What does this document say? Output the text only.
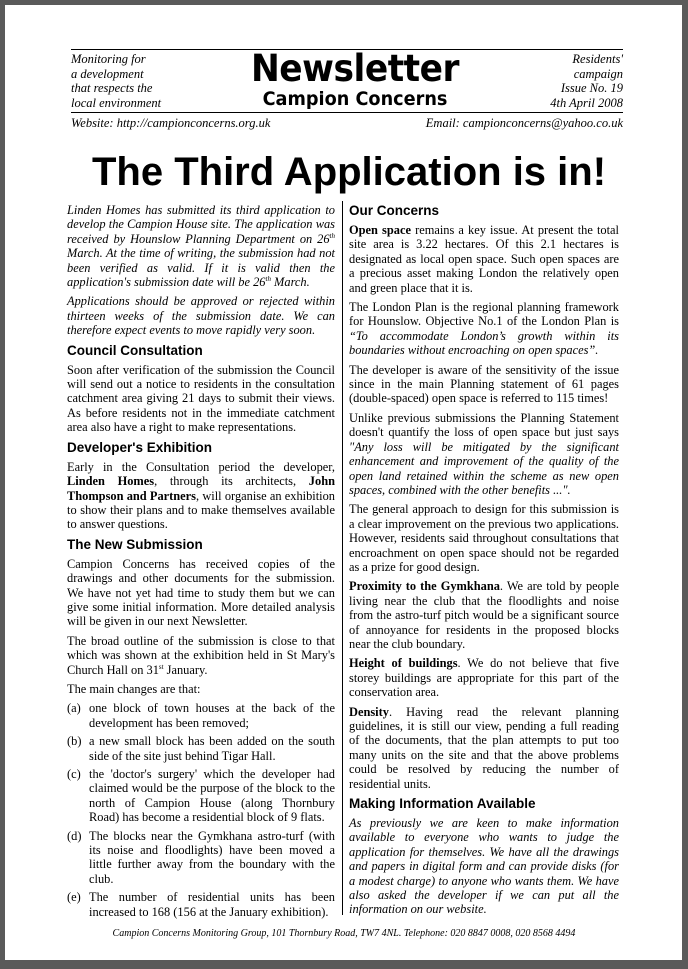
Monitoring for
a development
that respects the
local environment
Newsletter
Campion Concerns
Residents'
campaign
Issue No. 19
4th April 2008
Website: http://campionconcerns.org.uk	Email: campionconcerns@yahoo.co.uk
The Third Application is in!

Linden Homes has submitted its third application to develop the Campion House site. The application was received by Hounslow Planning Department on 26th March. At the time of writing, the submission had not been verified as valid. If it is valid then the application's submission date will be 26th March.

Applications should be approved or rejected within thirteen weeks of the submission date. We can therefore expect events to move rapidly very soon.

Council Consultation

Soon after verification of the submission the Council will send out a notice to residents in the consultation catchment area giving 21 days to submit their views. As before residents not in the immediate catchment area also have a right to make representations.

Developer's Exhibition

Early in the Consultation period the developer, Linden Homes, through its architects, John Thompson and Partners, will organise an exhibition to show their plans and to make themselves available to answer questions.

The New Submission

Campion Concerns has received copies of the drawings and other documents for the submission. We have not yet had time to study them but we can give some initial information. More detailed analysis will be given in our next Newsletter.

The broad outline of the submission is close to that which was shown at the exhibition held in St Mary's Church Hall on 31st January.

The main changes are that:

(a) one block of town houses at the back of the development has been removed;
(b) a new small block has been added on the south side of the site just behind Tigar Hall.
(c) the 'doctor's surgery' which the developer had claimed would be the purpose of the block to the north of Campion House (along Thornbury Road) has become a residential block of 9 flats.
(d) The blocks near the Gymkhana astro-turf (with its noise and floodlights) have been moved a little further away from the boundary with the club.
(e) The number of residential units has been increased to 168 (156 at the January exhibition).
Our Concerns

Open space remains a key issue. At present the total site area is 3.22 hectares. Of this 2.1 hectares is designated as local open space. Such open spaces are a precious asset making London the relatively open and green place that it is.

The London Plan is the regional planning framework for Hounslow. Objective No.1 of the London Plan is “To accommodate London’s growth within its boundaries without encroaching on open spaces”.

The developer is aware of the sensitivity of the issue since in the main Planning statement of 61 pages (double-spaced) open space is referred to 115 times!

Unlike previous submissions the Planning Statement doesn't quantify the loss of open space but just says "Any loss will be mitigated by the significant enhancement and improvement of the quality of the open land retained within the scheme as new open spaces, combined with the other benefits ...".

The general approach to design for this submission is a clear improvement on the previous two applications. However, residents said throughout consultations that encroachment on open space should not be regarded as a prize for good design.

Proximity to the Gymkhana. We are told by people living near the club that the floodlights and noise from the astro-turf pitch would be a significant source of annoyance for residents in the proposed blocks near the club boundary.

Height of buildings. We do not believe that five storey buildings are appropriate for this part of the conservation area.

Density. Having read the relevant planning guidelines, it is still our view, pending a full reading of the documents, that the plan attempts to put too many units on the site and that the above problems could be resolved by reducing the number of residential units.

Making Information Available

As previously we are keen to make information available to everyone who wants to judge the application for themselves. We have all the drawings and papers in digital form and can provide disks (for a modest charge) to anyone who wants them. We have also asked the developer if we can put all the information on our website.

Campion Concerns Monitoring Group, 101 Thornbury Road, TW7 4NL. Telephone: 020 8847 0008, 020 8568 4494
